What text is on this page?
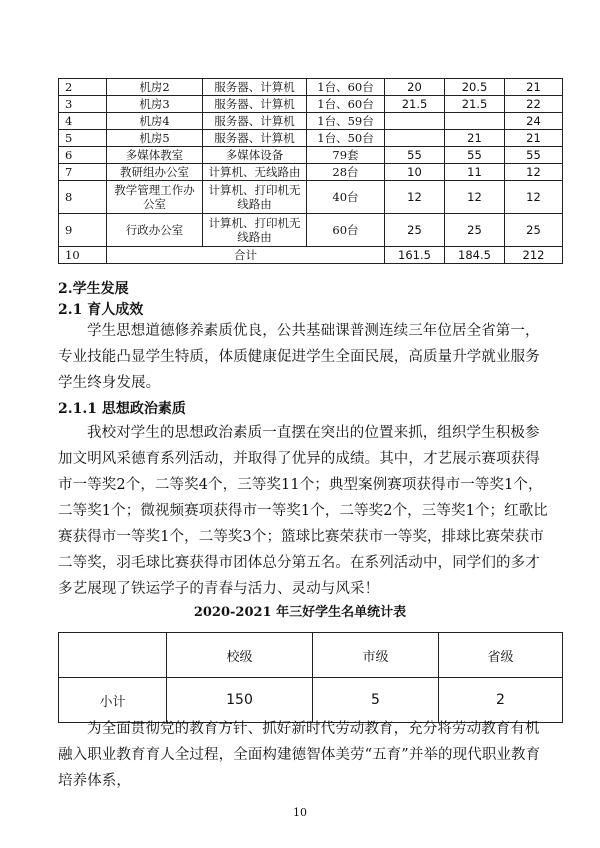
2	机房2	服务器、计算机	1台、60台	20	20.5	21
3	机房3	服务器、计算机	1台、60台	21.5	21.5	22
4	机房4	服务器、计算机	1台、59台			24
5	机房5	服务器、计算机	1台、50台		21	21
6	多媒体教室	多媒体设备	79套	55	55	55
7	教研组办公室	计算机、无线路由	28台	10	11	12
8	教学管理工作办公室	计算机、打印机无线路由	40台	12	12	12
9	行政办公室	计算机、打印机无线路由	60台	25	25	25
10	合计			161.5	184.5	212
2.学生发展
2.1 育人成效

学生思想道德修养素质优良，公共基础课普测连续三年位居全省第一，专业技能凸显学生特质，体质健康促进学生全面民展，高质量升学就业服务学生终身发展。

2.1.1 思想政治素质

我校对学生的思想政治素质一直摆在突出的位置来抓，组织学生积极参加文明风采德育系列活动，并取得了优异的成绩。其中，才艺展示赛项获得市一等奖2个，二等奖4个，三等奖11个；典型案例赛项获得市一等奖1个，二等奖1个；微视频赛项获得市一等奖1个，二等奖2个，三等奖1个；红歌比赛获得市一等奖1个，二等奖3个；篮球比赛荣获市一等奖，排球比赛荣获市二等奖，羽毛球比赛获得市团体总分第五名。在系列活动中，同学们的多才多艺展现了铁运学子的青春与活力、灵动与风采！

2020-2021 年三好学生名单统计表
	校级	市级	省级
小计	150	5	2

为全面贯彻党的教育方针、抓好新时代劳动教育，充分将劳动教育有机融入职业教育育人全过程，全面构建德智体美劳“五育”并举的现代职业教育培养体系，

10
